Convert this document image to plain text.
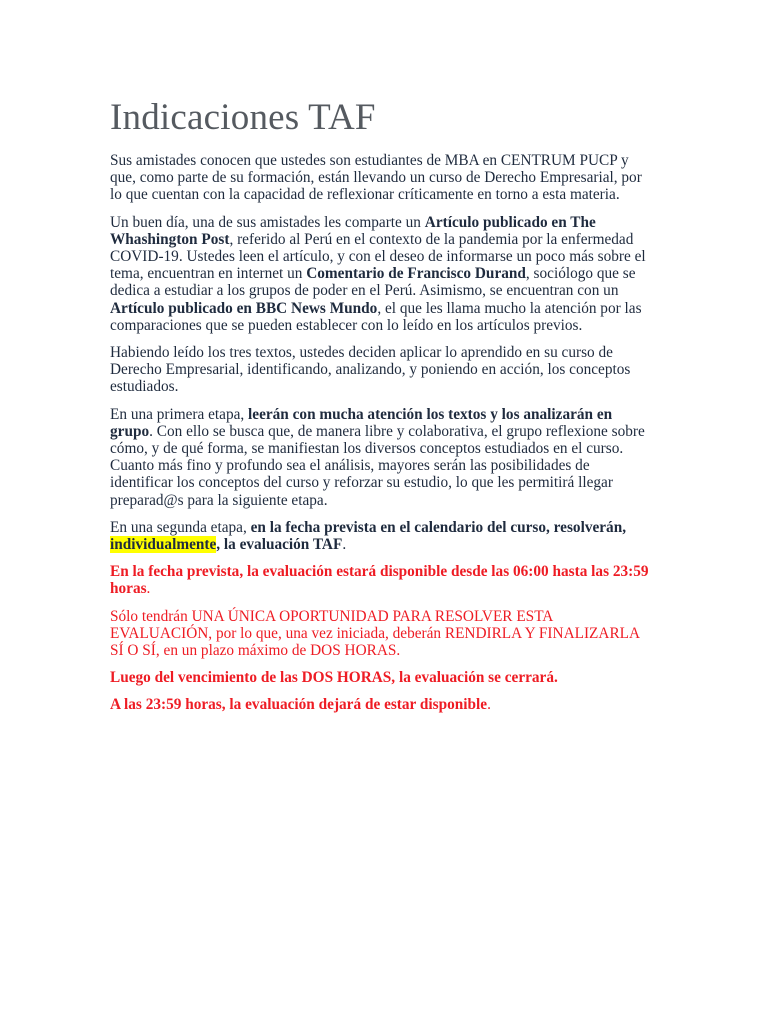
Indicaciones TAF

Sus amistades conocen que ustedes son estudiantes de MBA en CENTRUM PUCP y que, como parte de su formación, están llevando un curso de Derecho Empresarial, por lo que cuentan con la capacidad de reflexionar críticamente en torno a esta materia.

Un buen día, una de sus amistades les comparte un Artículo publicado en The Whashington Post, referido al Perú en el contexto de la pandemia por la enfermedad COVID-19. Ustedes leen el artículo, y con el deseo de informarse un poco más sobre el tema, encuentran en internet un Comentario de Francisco Durand, sociólogo que se dedica a estudiar a los grupos de poder en el Perú. Asimismo, se encuentran con un Artículo publicado en BBC News Mundo, el que les llama mucho la atención por las comparaciones que se pueden establecer con lo leído en los artículos previos.

Habiendo leído los tres textos, ustedes deciden aplicar lo aprendido en su curso de Derecho Empresarial, identificando, analizando, y poniendo en acción, los conceptos estudiados.

En una primera etapa, leerán con mucha atención los textos y los analizarán en grupo. Con ello se busca que, de manera libre y colaborativa, el grupo reflexione sobre cómo, y de qué forma, se manifiestan los diversos conceptos estudiados en el curso. Cuanto más fino y profundo sea el análisis, mayores serán las posibilidades de identificar los conceptos del curso y reforzar su estudio, lo que les permitirá llegar preparad@s para la siguiente etapa.

En una segunda etapa, en la fecha prevista en el calendario del curso, resolverán, individualmente, la evaluación TAF.

En la fecha prevista, la evaluación estará disponible desde las 06:00 hasta las 23:59 horas.

Sólo tendrán UNA ÚNICA OPORTUNIDAD PARA RESOLVER ESTA EVALUACIÓN, por lo que, una vez iniciada, deberán RENDIRLA Y FINALIZARLA SÍ O SÍ, en un plazo máximo de DOS HORAS.

Luego del vencimiento de las DOS HORAS, la evaluación se cerrará.

A las 23:59 horas, la evaluación dejará de estar disponible.
